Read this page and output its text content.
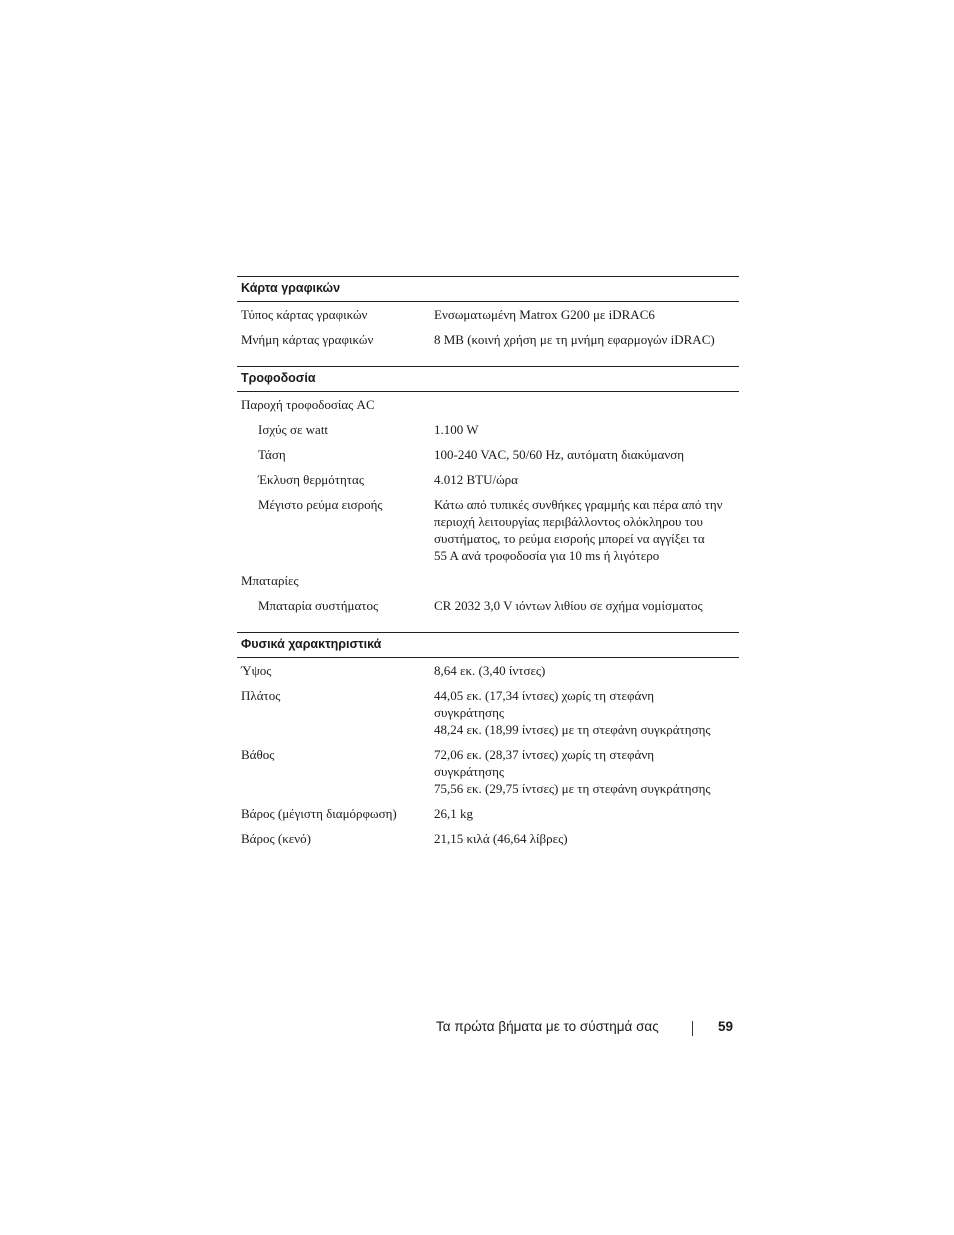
Κάρτα γραφικών	
Τύπος κάρτας γραφικών	Ενσωματωμένη Matrox G200 με iDRAC6
Μνήμη κάρτας γραφικών	8 MB (κοινή χρήση με τη μνήμη εφαρμογών iDRAC)

Τροφοδοσία	
Παροχή τροφοδοσίας AC	
Ισχύς σε watt	1.100 W
Τάση	100-240 VAC, 50/60 Hz, αυτόματη διακύμανση
Έκλυση θερμότητας	4.012 BTU/ώρα
Μέγιστο ρεύμα εισροής	Κάτω από τυπικές συνθήκες γραμμής και πέρα από την
περιοχή λειτουργίας περιβάλλοντος ολόκληρου του
συστήματος, το ρεύμα εισροής μπορεί να αγγίξει τα
55 A ανά τροφοδοσία για 10 ms ή λιγότερο

Μπαταρίες	
Μπαταρία συστήματος	CR 2032 3,0 V ιόντων λιθίου σε σχήμα νομίσματος

Φυσικά χαρακτηριστικά	
Ύψος	8,64 εκ. (3,40 ίντσες)

Πλάτος	44,05 εκ. (17,34 ίντσες) χωρίς τη στεφάνη
συγκράτησης
48,24 εκ. (18,99 ίντσες) με τη στεφάνη συγκράτησης

Βάθος	72,06 εκ. (28,37 ίντσες) χωρίς τη στεφάνη
συγκράτησης
75,56 εκ. (29,75 ίντσες) με τη στεφάνη συγκράτησης

Βάρος (μέγιστη διαμόρφωση)	26,1 kg

Βάρος (κενό)	21,15 κιλά (46,64 λίβρες)
Τα πρώτα βήματα με το σύστημά σας	59
